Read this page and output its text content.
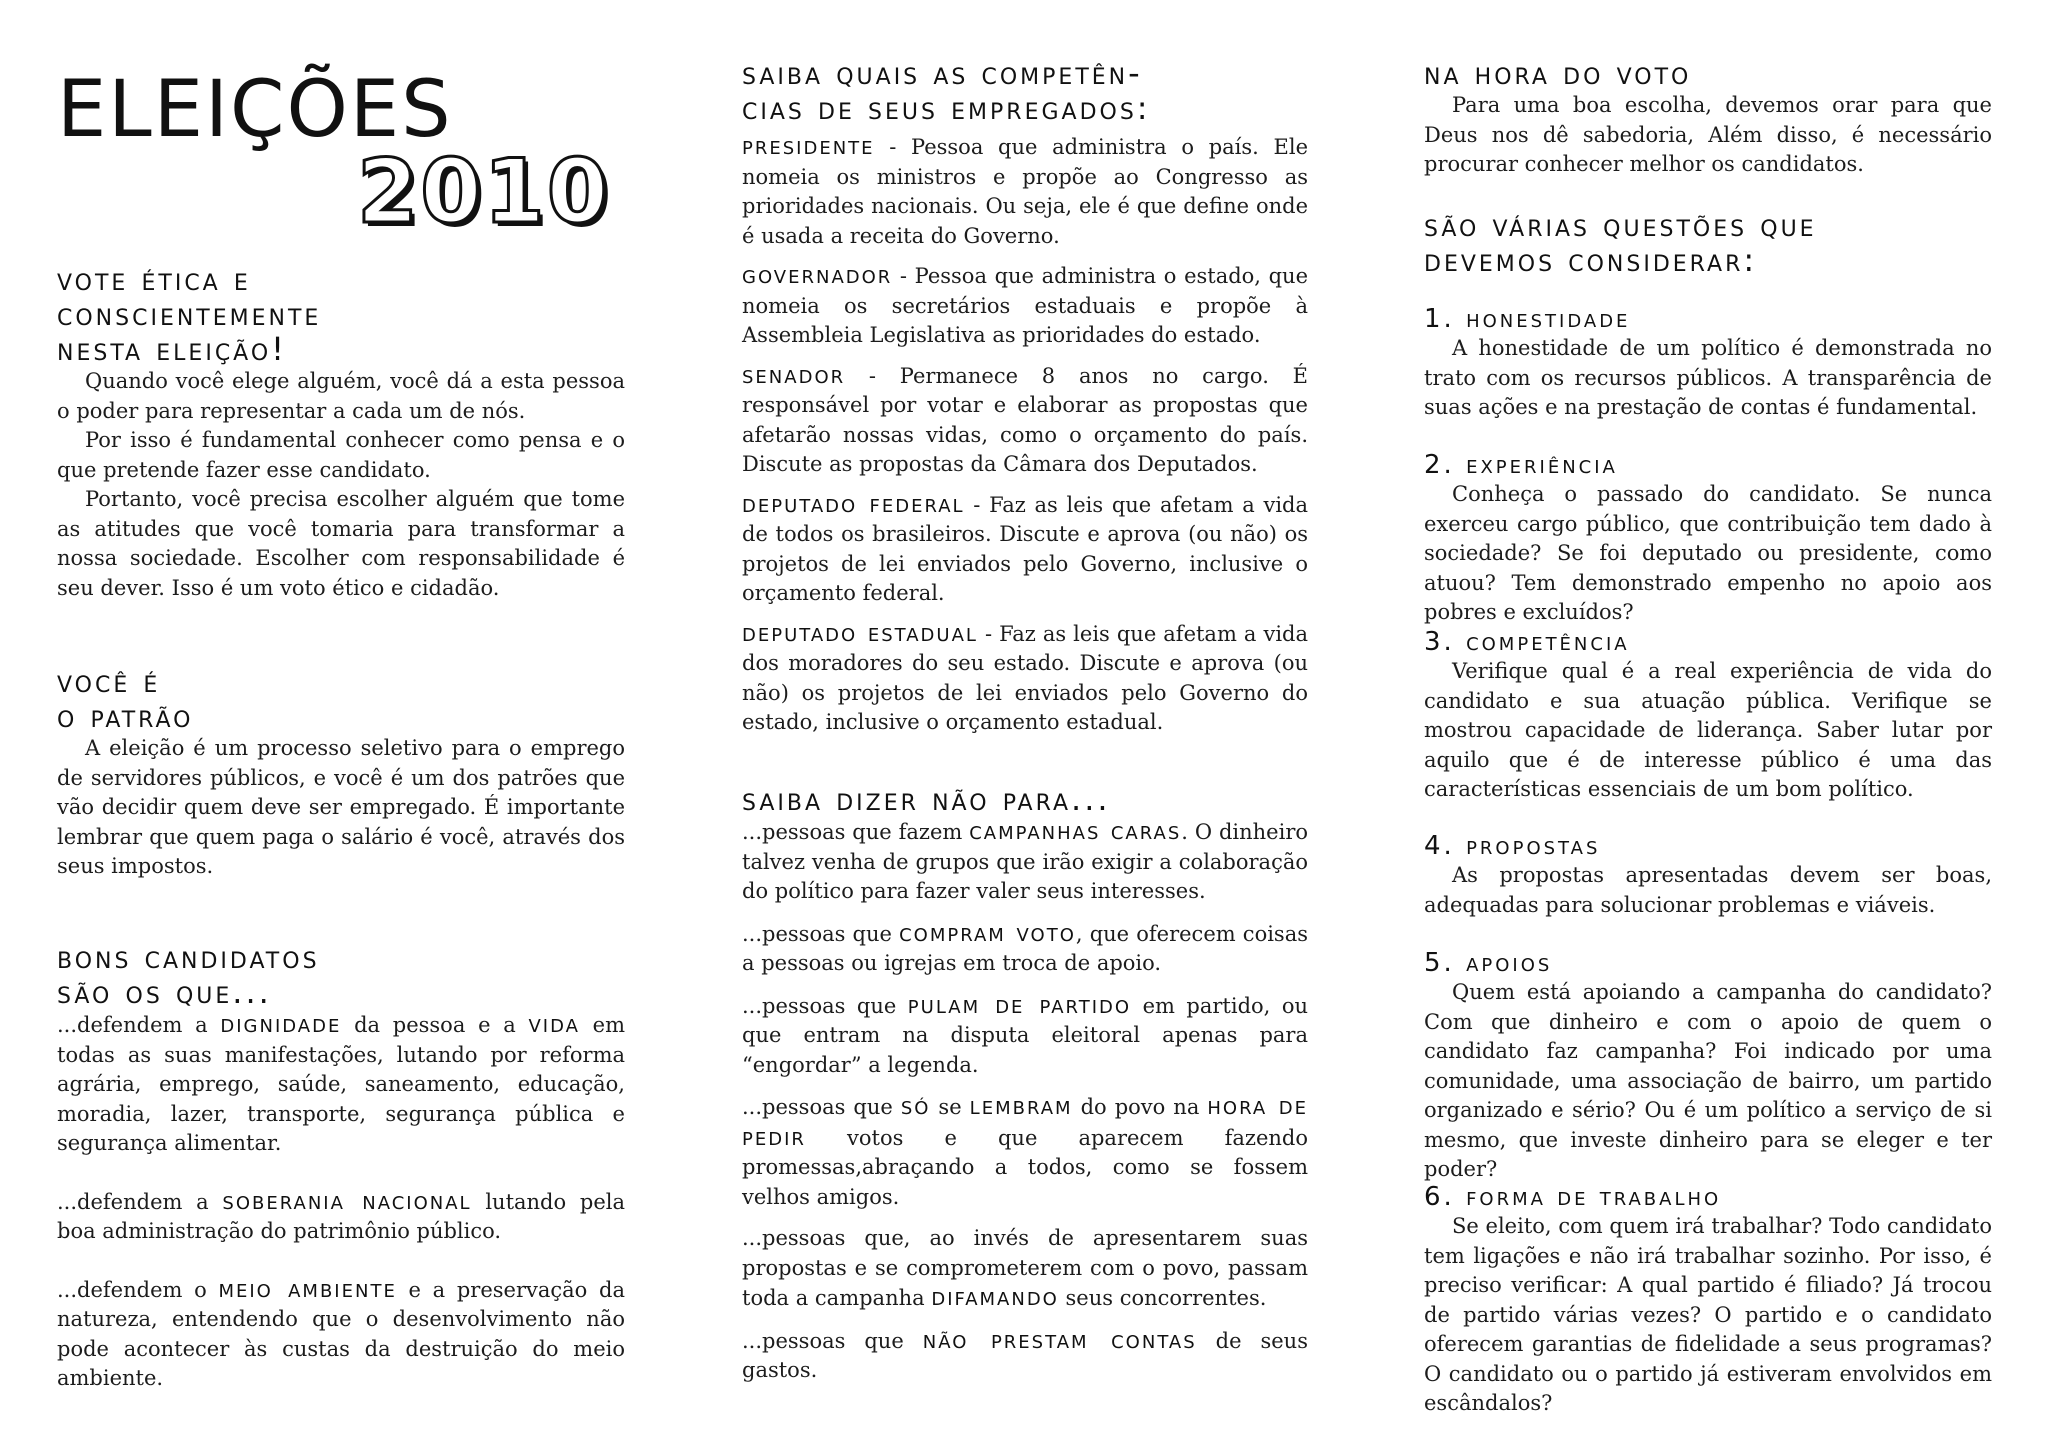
eleições
2010
vote ética e
conscientemente
nesta eleição!

Quando você elege alguém, você dá a esta pessoa o poder para representar a cada um de nós.

Por isso é fundamental conhecer como pensa e o que pretende fazer esse candidato.

Portanto, você precisa escolher alguém que tome as atitudes que você tomaria para transformar a nossa sociedade. Escolher com responsabilidade é seu dever. Isso é um voto ético e cidadão.

você é
o patrão

A eleição é um processo seletivo para o emprego de servidores públicos, e você é um dos patrões que vão decidir quem deve ser empregado. É importante lembrar que quem paga o salário é você, através dos seus impostos.

bons candidatos
são os que...

...defendem a dignidade da pessoa e a vida em todas as suas manifestações, lutando por reforma agrária, emprego, saúde, saneamento, educação, moradia, lazer, transporte, segurança pública e segurança alimentar.

...defendem a soberania nacional lutando pela boa administração do patrimônio público.

...defendem o meio ambiente e a preservação da natureza, entendendo que o desenvolvimento não pode acontecer às custas da destruição do meio ambiente.

saiba quais as competên-
cias de seus empregados:

presidente - Pessoa que administra o país. Ele nomeia os ministros e propõe ao Congresso as prioridades nacionais. Ou seja, ele é que define onde é usada a receita do Governo.

governador - Pessoa que administra o estado, que nomeia os secretários estaduais e propõe à Assembleia Legislativa as prioridades do estado.

senador - Permanece 8 anos no cargo. É responsável por votar e elaborar as propostas que afetarão nossas vidas, como o orçamento do país. Discute as propostas da Câmara dos Deputados.

deputado federal - Faz as leis que afetam a vida de todos os brasileiros. Discute e aprova (ou não) os projetos de lei enviados pelo Governo, inclusive o orçamento federal.

deputado estadual - Faz as leis que afetam a vida dos moradores do seu estado. Discute e aprova (ou não) os projetos de lei enviados pelo Governo do estado, inclusive o orçamento estadual.

saiba dizer não para...

...pessoas que fazem campanhas caras. O dinheiro talvez venha de grupos que irão exigir a colaboração do político para fazer valer seus interesses.

...pessoas que compram voto, que oferecem coisas a pessoas ou igrejas em troca de apoio.

...pessoas que pulam de partido em partido, ou que entram na disputa eleitoral apenas para “engordar” a legenda.

...pessoas que só se lembram do povo na hora de pedir votos e que aparecem fazendo promessas,abraçando a todos, como se fossem velhos amigos.

...pessoas que, ao invés de apresentarem suas propostas e se comprometerem com o povo, passam toda a campanha difamando seus concorrentes.

...pessoas que não prestam contas de seus gastos.

na hora do voto

Para uma boa escolha, devemos orar para que Deus nos dê sabedoria, Além disso, é necessário procurar conhecer melhor os candidatos.

são várias questões que
devemos considerar:
1. honestidade

A honestidade de um político é demonstrada no trato com os recursos públicos. A transparência de suas ações e na prestação de contas é fundamental.

2. experiência

Conheça o passado do candidato. Se nunca exerceu cargo público, que contribuição tem dado à sociedade? Se foi deputado ou presidente, como atuou? Tem demonstrado empenho no apoio aos pobres e excluídos?

3. competência

Verifique qual é a real experiência de vida do candidato e sua atuação pública. Verifique se mostrou capacidade de liderança. Saber lutar por aquilo que é de interesse público é uma das características essenciais de um bom político.

4. propostas

As propostas apresentadas devem ser boas, adequadas para solucionar problemas e viáveis.

5. apoios

Quem está apoiando a campanha do candidato? Com que dinheiro e com o apoio de quem o candidato faz campanha? Foi indicado por uma comunidade, uma associação de bairro, um partido organizado e sério? Ou é um político a serviço de si mesmo, que investe dinheiro para se eleger e ter poder?

6. forma de trabalho

Se eleito, com quem irá trabalhar? Todo candidato tem ligações e não irá trabalhar sozinho. Por isso, é preciso verificar: A qual partido é filiado? Já trocou de partido várias vezes? O partido e o candidato oferecem garantias de fidelidade a seus programas? O candidato ou o partido já estiveram envolvidos em escândalos?
